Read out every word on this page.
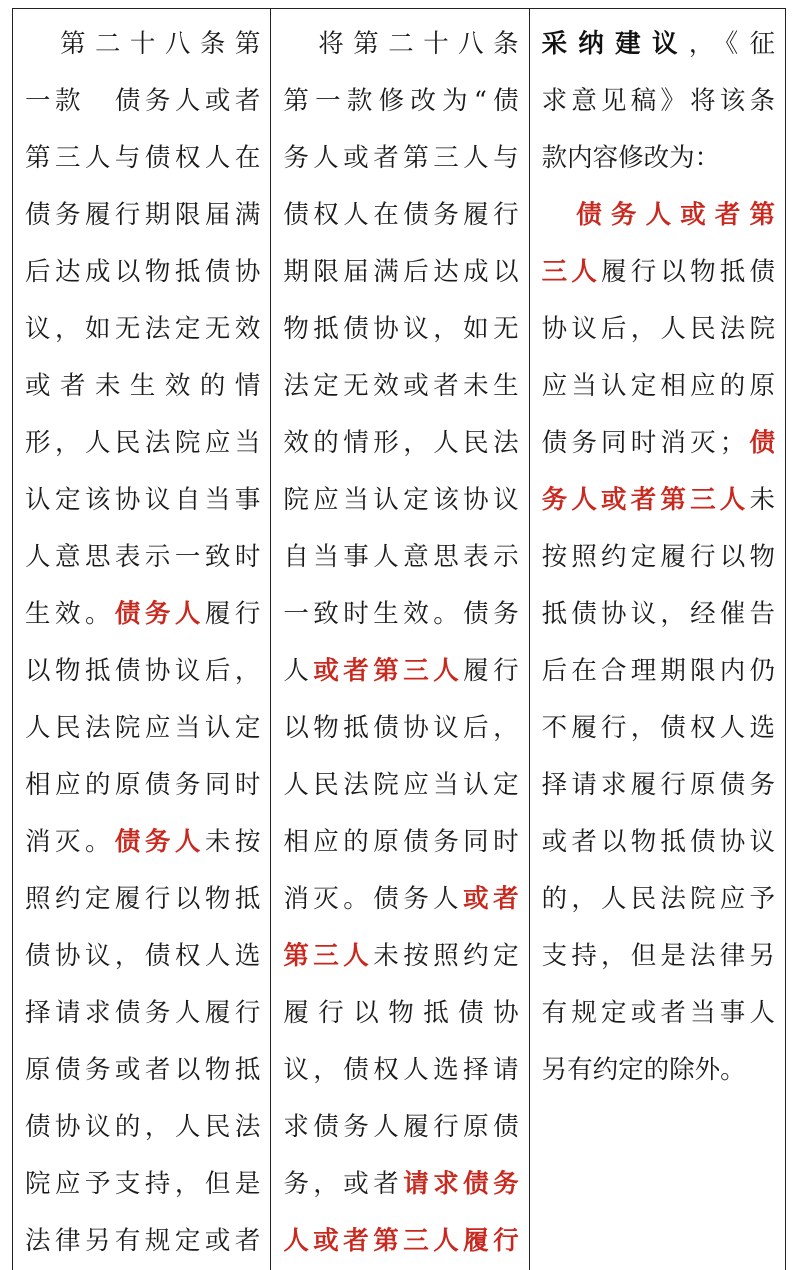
　第二十八条第
一款　债务人或者
第三人与债权人在
债务履行期限届满
后达成以物抵债协
议，如无法定无效
或者未生效的情
形，人民法院应当
认定该协议自当事
人意思表示一致时
生效。债务人履行
以物抵债协议后，
人民法院应当认定
相应的原债务同时
消灭。债务人未按
照约定履行以物抵
债协议，债权人选
择请求债务人履行
原债务或者以物抵
债协议的，人民法
院应予支持，但是
法律另有规定或者
　将第二十八条
第一款修改为“债
务人或者第三人与
债权人在债务履行
期限届满后达成以
物抵债协议，如无
法定无效或者未生
效的情形，人民法
院应当认定该协议
自当事人意思表示
一致时生效。债务
人或者第三人履行
以物抵债协议后，
人民法院应当认定
相应的原债务同时
消灭。债务人或者
第三人未按照约定
履行以物抵债协
议，债权人选择请
求债务人履行原债
务，或者请求债务
人或者第三人履行
采纳建议，《征
求意见稿》将该条
款内容修改为：
　债务人或者第
三人履行以物抵债
协议后，人民法院
应当认定相应的原
债务同时消灭；债
务人或者第三人未
按照约定履行以物
抵债协议，经催告
后在合理期限内仍
不履行，债权人选
择请求履行原债务
或者以物抵债协议
的，人民法院应予
支持，但是法律另
有规定或者当事人
另有约定的除外。
